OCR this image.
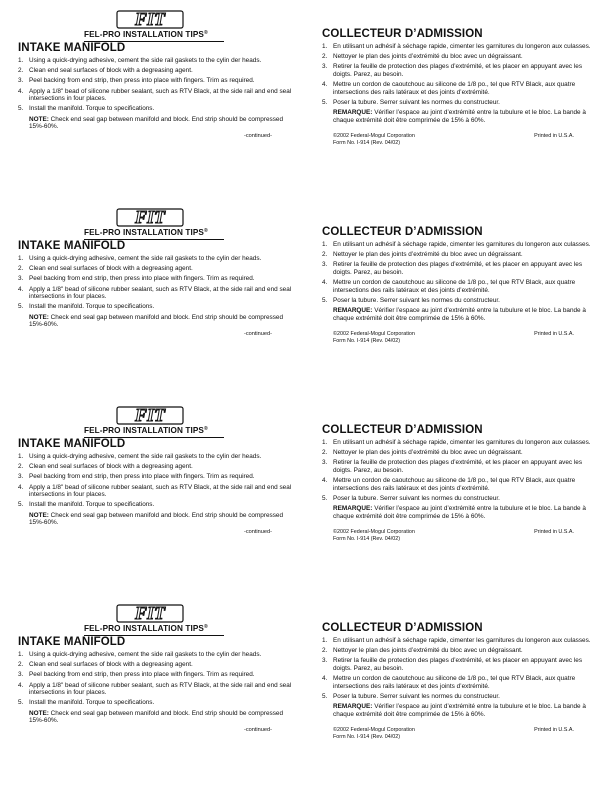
FIT
FEL-PRO INSTALLATION TIPS®
INTAKE MANIFOLD
1. Using a quick-drying adhesive, cement the side rail gaskets to the cylin der heads.
2. Clean end seal surfaces of block with a degreasing agent.
3. Peel backing from end strip, then press into place with fingers. Trim as required.
4. Apply a 1/8" bead of silicone rubber sealant, such as RTV Black, at the side rail and end seal intersections in four places.
5. Install the manifold. Torque to specifications.
NOTE: Check end seal gap between manifold and block. End strip should be compressed 15%-60%.
-continued-
COLLECTEUR D’ADMISSION
1. En utilisant un adhésif à séchage rapide, cimenter les garnitures du longeron aux culasses.
2. Nettoyer le plan des joints d’extrémité du bloc avec un dégraissant.
3. Retirer la feuille de protection des plages d’extrémité, et les placer en appuyant avec les doigts. Parez, au besoin.
4. Mettre un cordon de caoutchouc au silicone de 1/8 po., tel que RTV Black, aux quatre intersections des rails latéraux et des joints d’extrémité.
5. Poser la tubure. Serrer suivant les normes du constructeur.
REMARQUE: Vérifier l’espace au joint d’extrémité entre la tubulure et le bloc. La bande à chaque extrémité doit être comprimée de 15% à 60%.
©2002 Federal-Mogul Corporation
Form No. I-914 (Rev. 04/02)
Printed in U.S.A.
FIT
FEL-PRO INSTALLATION TIPS®
INTAKE MANIFOLD
1. Using a quick-drying adhesive, cement the side rail gaskets to the cylin der heads.
2. Clean end seal surfaces of block with a degreasing agent.
3. Peel backing from end strip, then press into place with fingers. Trim as required.
4. Apply a 1/8" bead of silicone rubber sealant, such as RTV Black, at the side rail and end seal intersections in four places.
5. Install the manifold. Torque to specifications.
NOTE: Check end seal gap between manifold and block. End strip should be compressed 15%-60%.
-continued-
COLLECTEUR D’ADMISSION
1. En utilisant un adhésif à séchage rapide, cimenter les garnitures du longeron aux culasses.
2. Nettoyer le plan des joints d’extrémité du bloc avec un dégraissant.
3. Retirer la feuille de protection des plages d’extrémité, et les placer en appuyant avec les doigts. Parez, au besoin.
4. Mettre un cordon de caoutchouc au silicone de 1/8 po., tel que RTV Black, aux quatre intersections des rails latéraux et des joints d’extrémité.
5. Poser la tubure. Serrer suivant les normes du constructeur.
REMARQUE: Vérifier l’espace au joint d’extrémité entre la tubulure et le bloc. La bande à chaque extrémité doit être comprimée de 15% à 60%.
©2002 Federal-Mogul Corporation
Form No. I-914 (Rev. 04/02)
Printed in U.S.A.
FIT
FEL-PRO INSTALLATION TIPS®
INTAKE MANIFOLD
1. Using a quick-drying adhesive, cement the side rail gaskets to the cylin der heads.
2. Clean end seal surfaces of block with a degreasing agent.
3. Peel backing from end strip, then press into place with fingers. Trim as required.
4. Apply a 1/8" bead of silicone rubber sealant, such as RTV Black, at the side rail and end seal intersections in four places.
5. Install the manifold. Torque to specifications.
NOTE: Check end seal gap between manifold and block. End strip should be compressed 15%-60%.
-continued-
COLLECTEUR D’ADMISSION
1. En utilisant un adhésif à séchage rapide, cimenter les garnitures du longeron aux culasses.
2. Nettoyer le plan des joints d’extrémité du bloc avec un dégraissant.
3. Retirer la feuille de protection des plages d’extrémité, et les placer en appuyant avec les doigts. Parez, au besoin.
4. Mettre un cordon de caoutchouc au silicone de 1/8 po., tel que RTV Black, aux quatre intersections des rails latéraux et des joints d’extrémité.
5. Poser la tubure. Serrer suivant les normes du constructeur.
REMARQUE: Vérifier l’espace au joint d’extrémité entre la tubulure et le bloc. La bande à chaque extrémité doit être comprimée de 15% à 60%.
©2002 Federal-Mogul Corporation
Form No. I-914 (Rev. 04/02)
Printed in U.S.A.
FIT
FEL-PRO INSTALLATION TIPS®
INTAKE MANIFOLD
1. Using a quick-drying adhesive, cement the side rail gaskets to the cylin der heads.
2. Clean end seal surfaces of block with a degreasing agent.
3. Peel backing from end strip, then press into place with fingers. Trim as required.
4. Apply a 1/8" bead of silicone rubber sealant, such as RTV Black, at the side rail and end seal intersections in four places.
5. Install the manifold. Torque to specifications.
NOTE: Check end seal gap between manifold and block. End strip should be compressed 15%-60%.
-continued-
COLLECTEUR D’ADMISSION
1. En utilisant un adhésif à séchage rapide, cimenter les garnitures du longeron aux culasses.
2. Nettoyer le plan des joints d’extrémité du bloc avec un dégraissant.
3. Retirer la feuille de protection des plages d’extrémité, et les placer en appuyant avec les doigts. Parez, au besoin.
4. Mettre un cordon de caoutchouc au silicone de 1/8 po., tel que RTV Black, aux quatre intersections des rails latéraux et des joints d’extrémité.
5. Poser la tubure. Serrer suivant les normes du constructeur.
REMARQUE: Vérifier l’espace au joint d’extrémité entre la tubulure et le bloc. La bande à chaque extrémité doit être comprimée de 15% à 60%.
©2002 Federal-Mogul Corporation
Form No. I-914 (Rev. 04/02)
Printed in U.S.A.
